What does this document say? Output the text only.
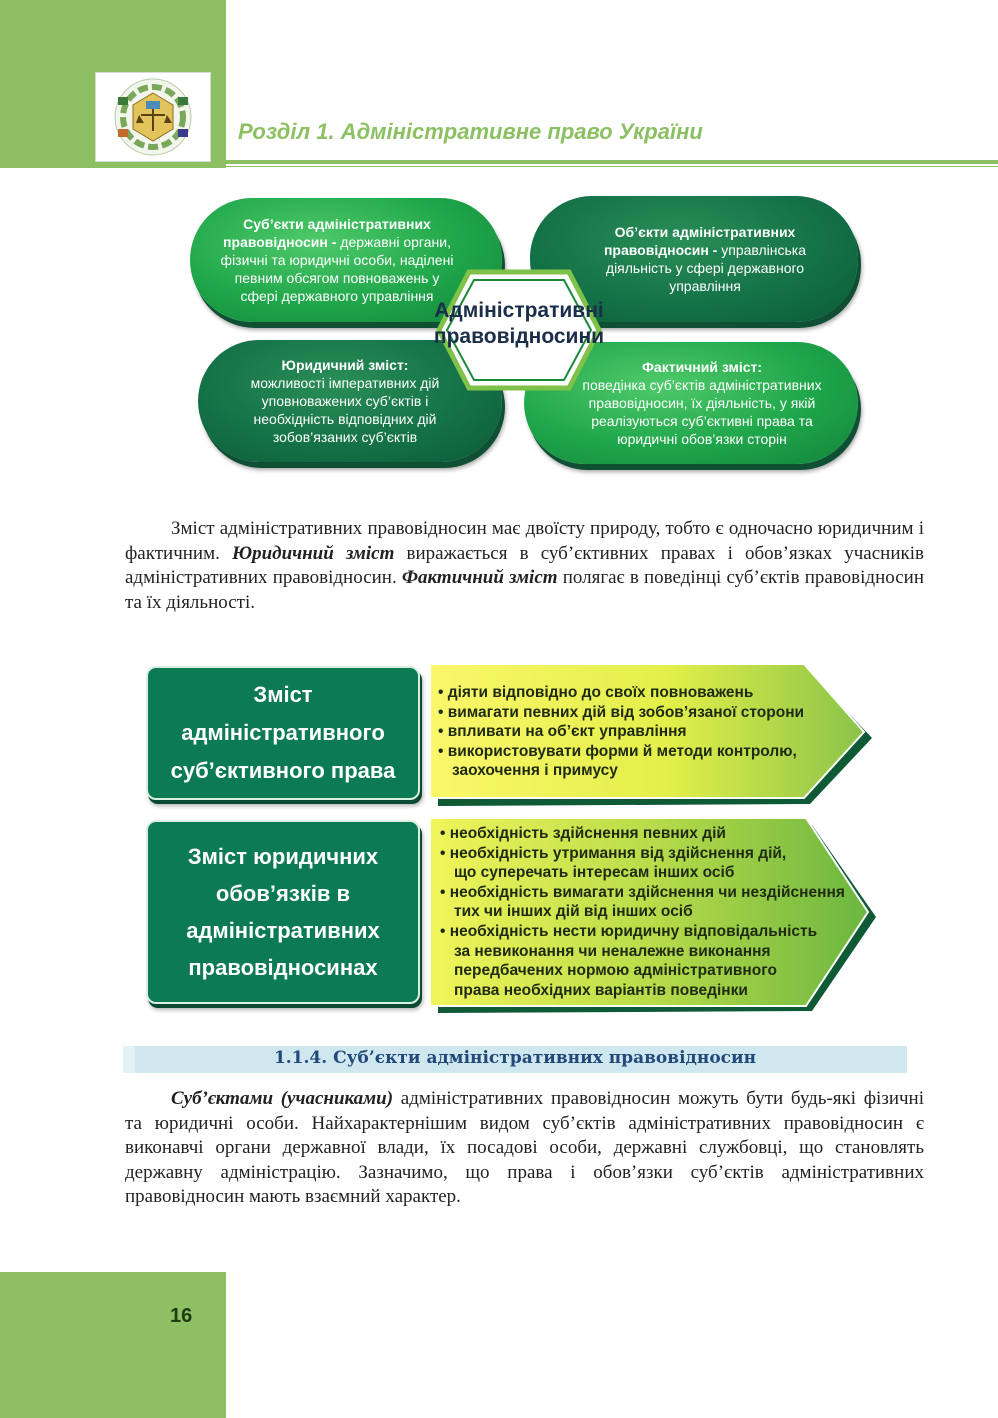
Розділ 1. Адміністративне право України
Суб’єкти адміністративних правовідносин - державні органи, фізичні та юридичні особи, наділені певним обсягом повноважень у сфері державного управління
Об’єкти адміністративних правовідносин - управлінська діяльність у сфері державного управління
Юридичний зміст:
можливості імперативних дій уповноважених суб’єктів і необхідність відповідних дій зобов’язаних суб’єктів
Фактичний зміст:
поведінка суб’єктів адміністративних правовідносин, їх діяльність, у якій реалізуються суб’єктивні права та юридичні обов’язки сторін
Адміністративні
правовідносини
Зміст адміністративних правовідносин має двоїсту природу, тобто є одночасно юридичним і фактичним. Юридичний зміст виражається в суб’єктивних правах і обов’язках учасників адміністративних правовідносин. Фактичний зміст полягає в поведінці суб’єктів правовідносин та їх діяльності.
Зміст
адміністративного
суб’єктивного права
• діяти відповідно до своїх повноважень
• вимагати певних дій від зобов’язаної сторони
• впливати на об’єкт управління
• використовувати форми й методи контролю,
заохочення і примусу
Зміст юридичних
обов’язків в
адміністративних
правовідносинах
• необхідність здійснення певних дій
• необхідність утримання від здійснення дій,
що суперечать інтересам інших осіб
• необхідність вимагати здійснення чи нездійснення
тих чи інших дій від інших осіб
• необхідність нести юридичну відповідальність
за невиконання чи неналежне виконання
передбачених нормою адміністративного
права необхідних варіантів поведінки
1.1.4. Суб’єкти адміністративних правовідносин
Суб’єктами (учасниками) адміністративних правовідносин можуть бути будь-які фізичні та юридичні особи. Найхарактернішим видом суб’єктів адміністративних правовідносин є виконавчі органи державної влади, їх посадові особи, державні службовці, що становлять державну адміністрацію. Зазначимо, що права і обов’язки суб’єктів адміністративних правовідносин мають взаємний характер.
16
